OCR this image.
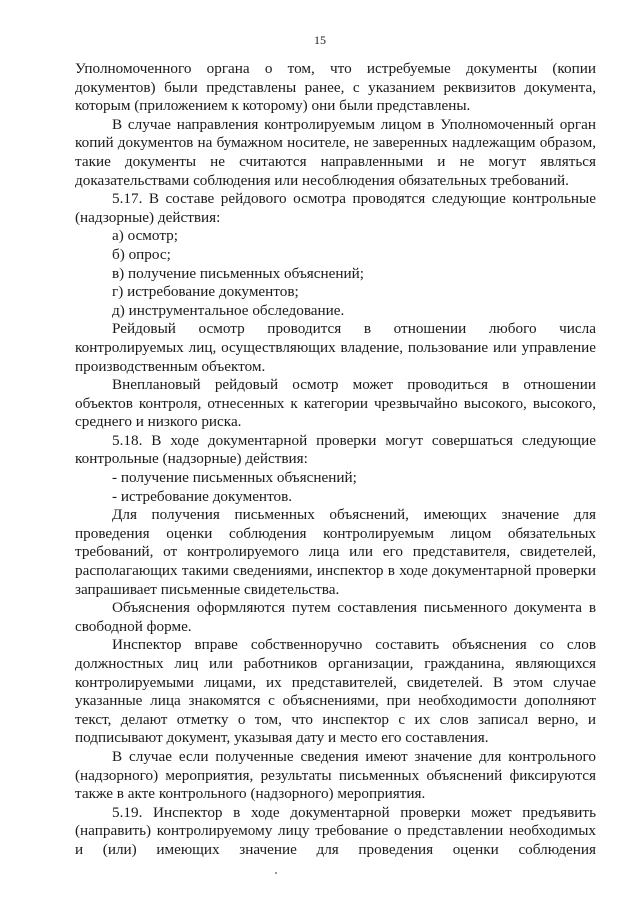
15
Уполномоченного органа о том, что истребуемые документы (копии
документов) были представлены ранее, с указанием реквизитов документа,
которым (приложением к которому) они были представлены.
В случае направления контролируемым лицом в Уполномоченный орган
копий документов на бумажном носителе, не заверенных надлежащим образом,
такие документы не считаются направленными и не могут являться
доказательствами соблюдения или несоблюдения обязательных требований.
5.17. В составе рейдового осмотра проводятся следующие контрольные
(надзорные) действия:
а) осмотр;
б) опрос;
в) получение письменных объяснений;
г) истребование документов;
д) инструментальное обследование.
Рейдовый осмотр проводится в отношении любого числа
контролируемых лиц, осуществляющих владение, пользование или управление
производственным объектом.
Внеплановый рейдовый осмотр может проводиться в отношении
объектов контроля, отнесенных к категории чрезвычайно высокого, высокого,
среднего и низкого риска.
5.18. В ходе документарной проверки могут совершаться следующие
контрольные (надзорные) действия:
- получение письменных объяснений;
- истребование документов.
Для получения письменных объяснений, имеющих значение для
проведения оценки соблюдения контролируемым лицом обязательных
требований, от контролируемого лица или его представителя, свидетелей,
располагающих такими сведениями, инспектор в ходе документарной проверки
запрашивает письменные свидетельства.
Объяснения оформляются путем составления письменного документа в
свободной форме.
Инспектор вправе собственноручно составить объяснения со слов
должностных лиц или работников организации, гражданина, являющихся
контролируемыми лицами, их представителей, свидетелей. В этом случае
указанные лица знакомятся с объяснениями, при необходимости дополняют
текст, делают отметку о том, что инспектор с их слов записал верно, и
подписывают документ, указывая дату и место его составления.
В случае если полученные сведения имеют значение для контрольного
(надзорного) мероприятия, результаты письменных объяснений фиксируются
также в акте контрольного (надзорного) мероприятия.
5.19. Инспектор в ходе документарной проверки может предъявить
(направить) контролируемому лицу требование о представлении необходимых
и (или) имеющих значение для проведения оценки соблюдения
